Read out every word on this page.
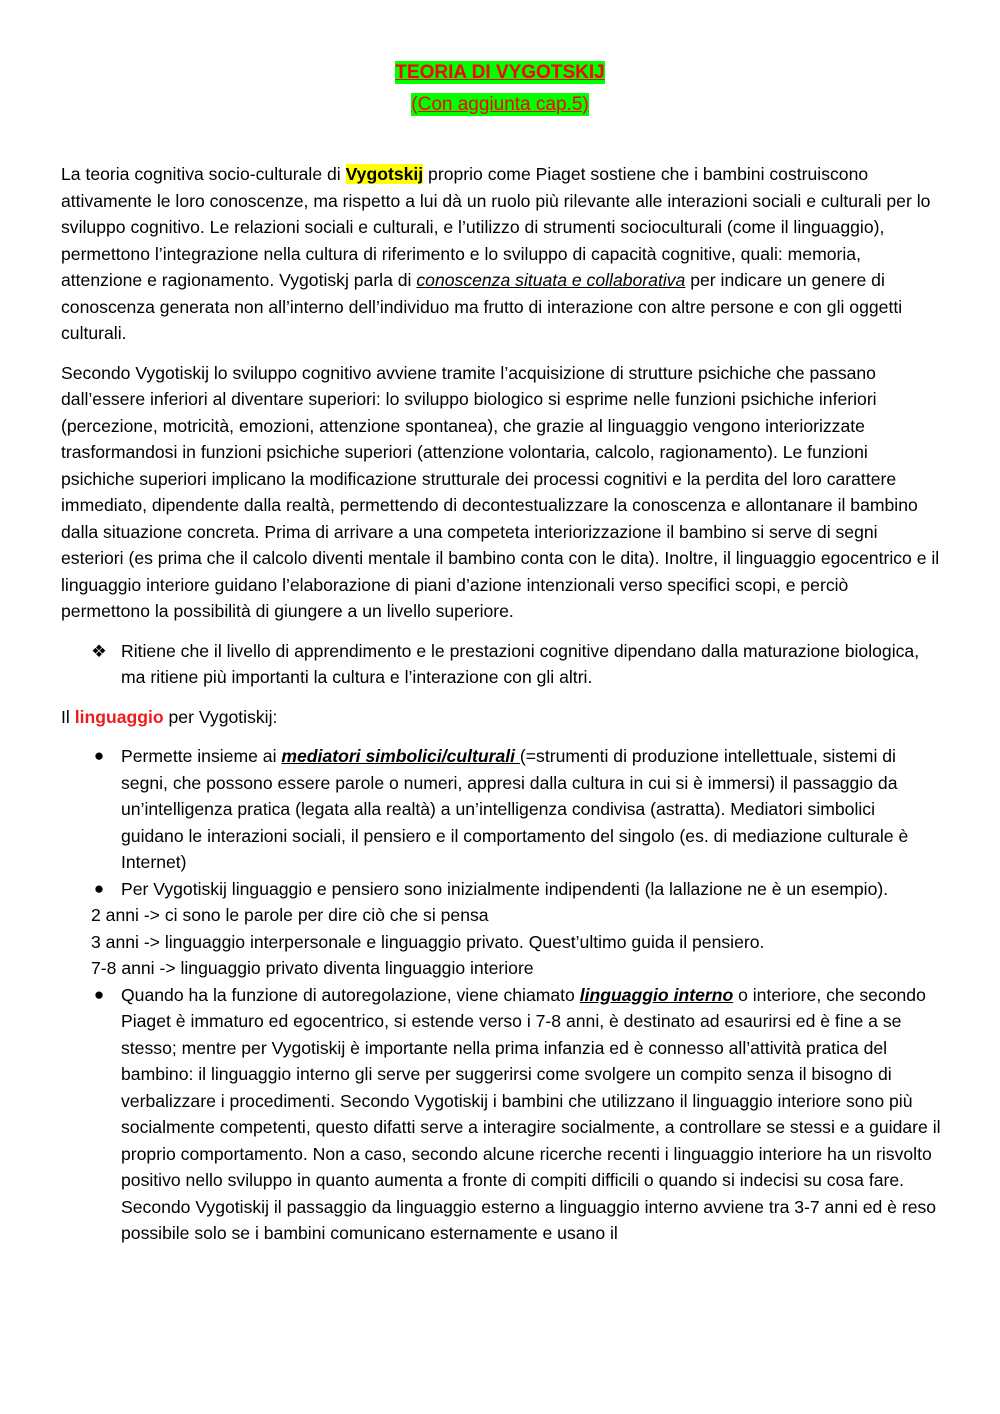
TEORIA DI VYGOTSKIJ
(Con aggiunta cap.5)

La teoria cognitiva socio-culturale di Vygotskij proprio come Piaget sostiene che i bambini costruiscono attivamente le loro conoscenze, ma rispetto a lui dà un ruolo più rilevante alle interazioni sociali e culturali per lo sviluppo cognitivo. Le relazioni sociali e culturali, e l’utilizzo di strumenti socioculturali (come il linguaggio), permettono l’integrazione nella cultura di riferimento e lo sviluppo di capacità cognitive, quali: memoria, attenzione e ragionamento. Vygotiskj parla di conoscenza situata e collaborativa per indicare un genere di conoscenza generata non all’interno dell’individuo ma frutto di interazione con altre persone e con gli oggetti culturali.

Secondo Vygotiskij lo sviluppo cognitivo avviene tramite l’acquisizione di strutture psichiche che passano dall’essere inferiori al diventare superiori: lo sviluppo biologico si esprime nelle funzioni psichiche inferiori (percezione, motricità, emozioni, attenzione spontanea), che grazie al linguaggio vengono interiorizzate trasformandosi in funzioni psichiche superiori (attenzione volontaria, calcolo, ragionamento). Le funzioni psichiche superiori implicano la modificazione strutturale dei processi cognitivi e la perdita del loro carattere immediato, dipendente dalla realtà, permettendo di decontestualizzare la conoscenza e allontanare il bambino dalla situazione concreta. Prima di arrivare a una competeta interiorizzazione il bambino si serve di segni esteriori (es prima che il calcolo diventi mentale il bambino conta con le dita). Inoltre, il linguaggio egocentrico e il linguaggio interiore guidano l’elaborazione di piani d’azione intenzionali verso specifici scopi, e perciò permettono la possibilità di giungere a un livello superiore.

❖ Ritiene che il livello di apprendimento e le prestazioni cognitive dipendano dalla maturazione biologica, ma ritiene più importanti la cultura e l’interazione con gli altri.

Il linguaggio per Vygotiskij:

● Permette insieme ai mediatori simbolici/culturali (=strumenti di produzione intellettuale, sistemi di segni, che possono essere parole o numeri, appresi dalla cultura in cui si è immersi) il passaggio da un’intelligenza pratica (legata alla realtà) a un’intelligenza condivisa (astratta). Mediatori simbolici guidano le interazioni sociali, il pensiero e il comportamento del singolo (es. di mediazione culturale è Internet)
● Per Vygotiskij linguaggio e pensiero sono inizialmente indipendenti (la lallazione ne è un esempio).
2 anni -> ci sono le parole per dire ciò che si pensa
3 anni -> linguaggio interpersonale e linguaggio privato. Quest’ultimo guida il pensiero.
7-8 anni -> linguaggio privato diventa linguaggio interiore
● Quando ha la funzione di autoregolazione, viene chiamato linguaggio interno o interiore, che secondo Piaget è immaturo ed egocentrico, si estende verso i 7-8 anni, è destinato ad esaurirsi ed è fine a se stesso; mentre per Vygotiskij è importante nella prima infanzia ed è connesso all’attività pratica del bambino: il linguaggio interno gli serve per suggerirsi come svolgere un compito senza il bisogno di verbalizzare i procedimenti. Secondo Vygotiskij i bambini che utilizzano il linguaggio interiore sono più socialmente competenti, questo difatti serve a interagire socialmente, a controllare se stessi e a guidare il proprio comportamento. Non a caso, secondo alcune ricerche recenti i linguaggio interiore ha un risvolto positivo nello sviluppo in quanto aumenta a fronte di compiti difficili o quando si indecisi su cosa fare. Secondo Vygotiskij il passaggio da linguaggio esterno a linguaggio interno avviene tra 3-7 anni ed è reso possibile solo se i bambini comunicano esternamente e usano il
